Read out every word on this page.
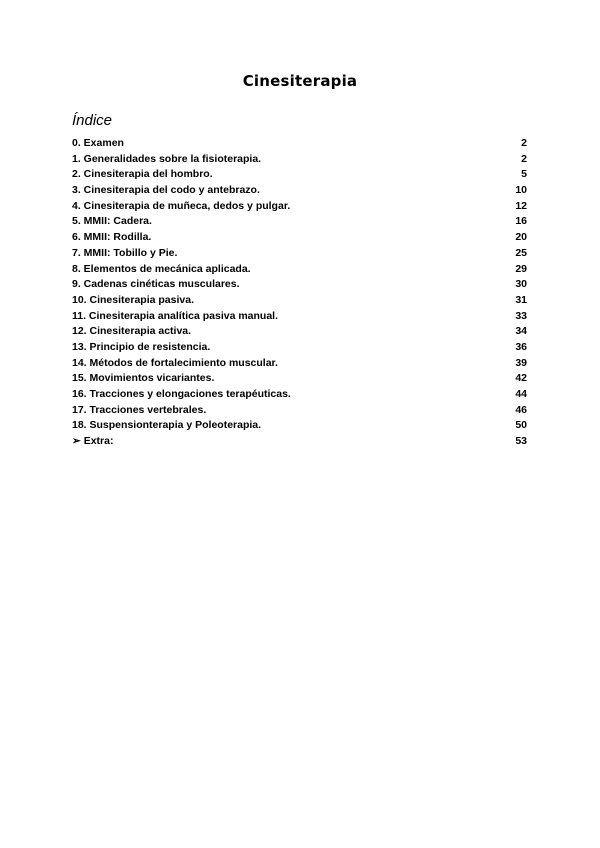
Cinesiterapia
Índice
0. Examen	2
1. Generalidades sobre la fisioterapia.	2
2. Cinesiterapia del hombro.	5
3. Cinesiterapia del codo y antebrazo.	10
4. Cinesiterapia de muñeca, dedos y pulgar.	12
5. MMII: Cadera.	16
6. MMII: Rodilla.	20
7. MMII: Tobillo y Pie.	25
8. Elementos de mecánica aplicada.	29
9. Cadenas cinéticas musculares.	30
10. Cinesiterapia pasiva.	31
11. Cinesiterapia analítica pasiva manual.	33
12. Cinesiterapia activa.	34
13. Principio de resistencia.	36
14. Métodos de fortalecimiento muscular.	39
15. Movimientos vicariantes.	42
16. Tracciones y elongaciones terapéuticas.	44
17. Tracciones vertebrales.	46
18. Suspensionterapia y Poleoterapia.	50
➢ Extra:	53
